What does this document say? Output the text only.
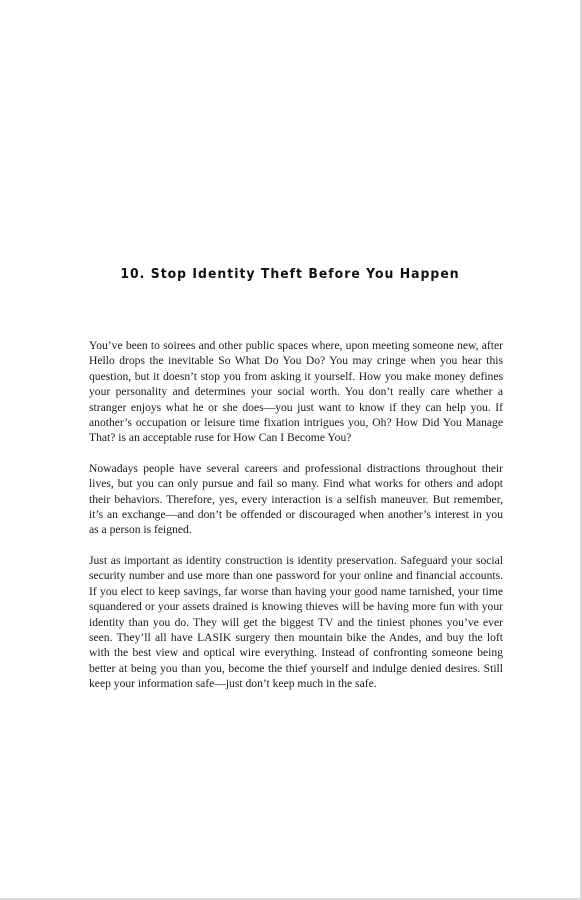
10. Stop Identity Theft Before You Happen

You’ve been to soirees and other public spaces where, upon meeting someone new, after Hello drops the inevitable So What Do You Do? You may cringe when you hear this question, but it doesn’t stop you from asking it yourself. How you make money defines your personality and determines your social worth. You don’t really care whether a stranger enjoys what he or she does—you just want to know if they can help you. If another’s occupation or leisure time fixation intrigues you, Oh? How Did You Manage That? is an acceptable ruse for How Can I Become You?

Nowadays people have several careers and professional distractions throughout their lives, but you can only pursue and fail so many. Find what works for others and adopt their behaviors. Therefore, yes, every interaction is a selfish maneuver. But remember, it’s an exchange—and don’t be offended or discouraged when another’s interest in you as a person is feigned.

Just as important as identity construction is identity preservation. Safeguard your social security number and use more than one password for your online and financial accounts. If you elect to keep savings, far worse than having your good name tarnished, your time squandered or your assets drained is knowing thieves will be having more fun with your identity than you do. They will get the biggest TV and the tiniest phones you’ve ever seen. They’ll all have LASIK surgery then mountain bike the Andes, and buy the loft with the best view and optical wire everything. Instead of confronting someone being better at being you than you, become the thief yourself and indulge denied desires. Still keep your information safe—just don’t keep much in the safe.
